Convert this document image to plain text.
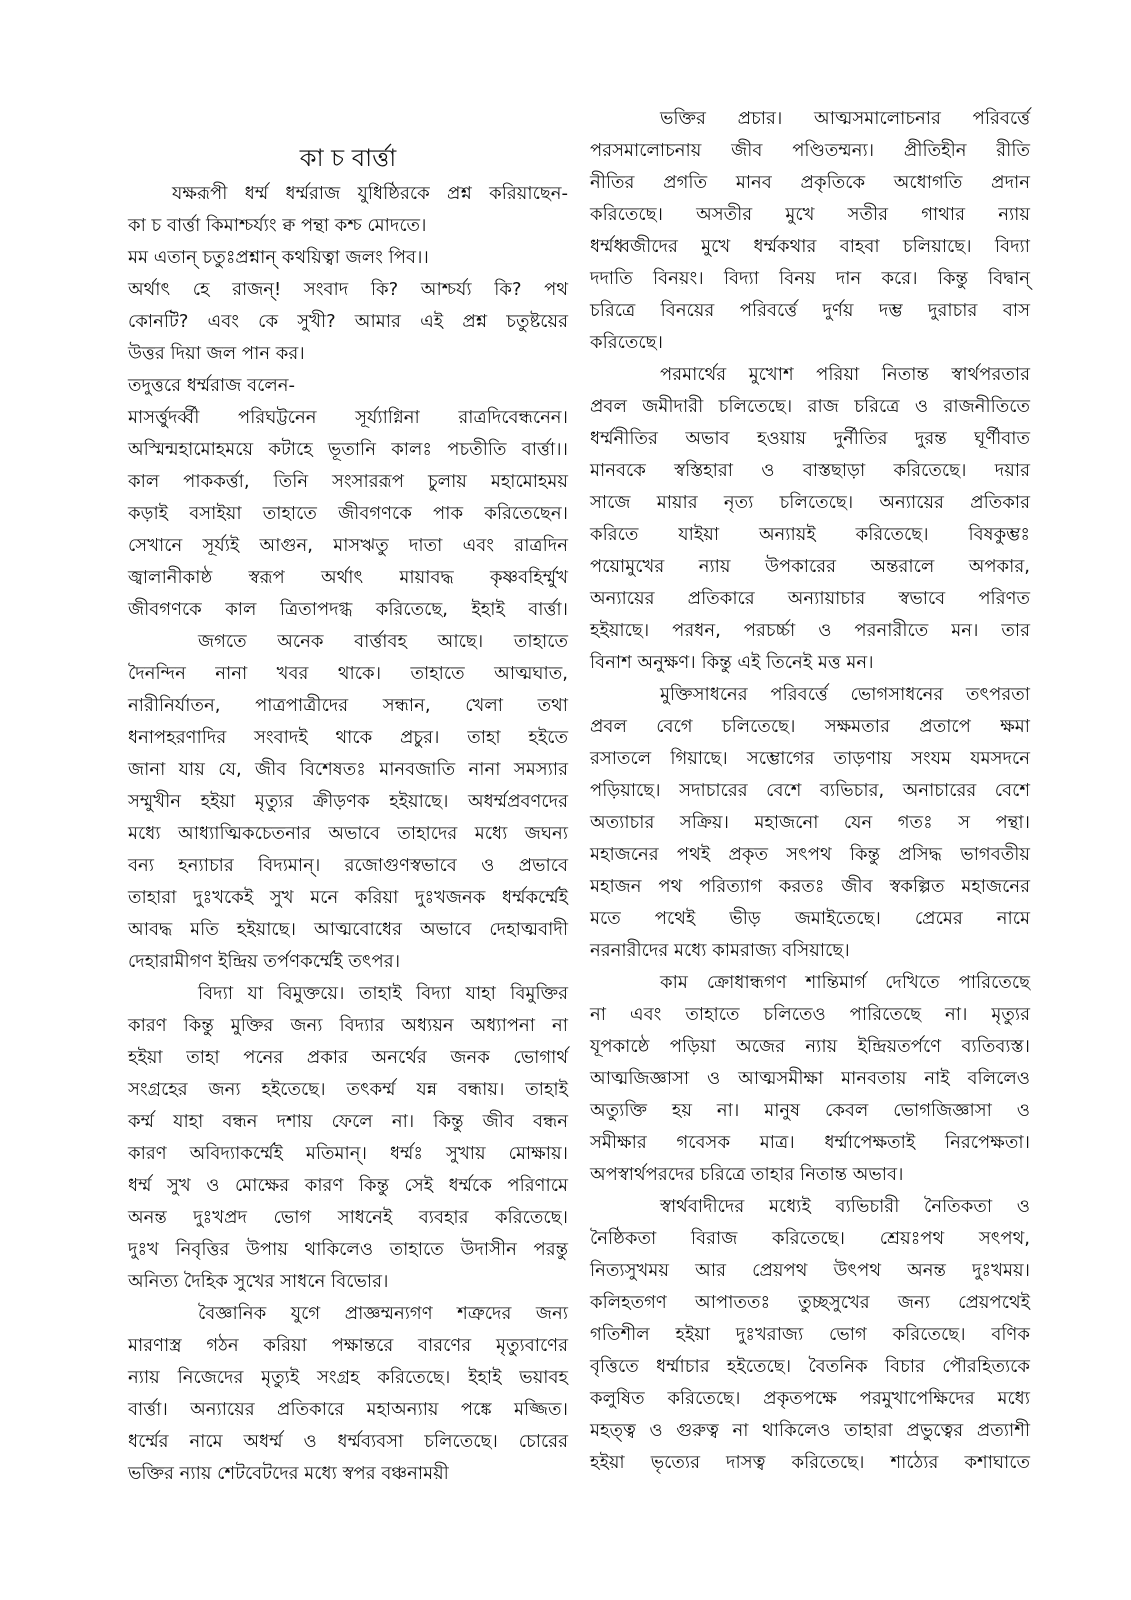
কা চ বার্ত্তা
যক্ষরূপী ধর্ম্ম ধর্ম্মরাজ যুধিষ্ঠিরকে প্রশ্ন করিয়াছেন-
কা চ বার্ত্তা কিমাশ্চর্য্যং ক্ব পন্থা কশ্চ মোদতে।
মম এতান্ চতুঃপ্রশ্নান্ কথয়িত্বা জলং পিব।।
অর্থাৎ হে রাজন্! সংবাদ কি? আশ্চর্য্য কি? পথ
কোনটি? এবং কে সুখী? আমার এই প্রশ্ন চতুষ্টয়ের
উত্তর দিয়া জল পান কর।
তদুত্তরে ধর্ম্মরাজ বলেন-
মাসর্ত্তুদর্ব্বী পরিঘট্টনেন সূর্য্যাগ্নিনা রাত্রদিবেন্ধনেন।
অস্মিন্মহামোহময়ে কটাহে ভূতানি কালঃ পচতীতি বার্ত্তা।।
কাল পাককর্ত্তা, তিনি সংসাররূপ চুলায় মহামোহময়
কড়াই বসাইয়া তাহাতে জীবগণকে পাক করিতেছেন।
সেখানে সূর্য্যই আগুন, মাসঋতু দাতা এবং রাত্রদিন
জ্বালানীকাষ্ঠ স্বরূপ অর্থাৎ মায়াবদ্ধ কৃষ্ণবহির্ম্মুখ
জীবগণকে কাল ত্রিতাপদগ্ধ করিতেছে, ইহাই বার্ত্তা।
জগতে অনেক বার্ত্তাবহ আছে। তাহাতে
দৈনন্দিন নানা খবর থাকে। তাহাতে আত্মঘাত,
নারীনির্যাতন, পাত্রপাত্রীদের সন্ধান, খেলা তথা
ধনাপহরণাদির সংবাদই থাকে প্রচুর। তাহা হইতে
জানা যায় যে, জীব বিশেষতঃ মানবজাতি নানা সমস্যার
সম্মুখীন হইয়া মৃত্যুর ক্রীড়ণক হইয়াছে। অধর্ম্মপ্রবণদের
মধ্যে আধ্যাত্মিকচেতনার অভাবে তাহাদের মধ্যে জঘন্য
বন্য হন্যাচার বিদ্যমান্। রজোগুণস্বভাবে ও প্রভাবে
তাহারা দুঃখকেই সুখ মনে করিয়া দুঃখজনক ধর্ম্মকর্ম্মেই
আবদ্ধ মতি হইয়াছে। আত্মবোধের অভাবে দেহাত্মবাদী
দেহারামীগণ ইন্দ্রিয় তর্পণকর্ম্মেই তৎপর।
বিদ্যা যা বিমুক্তয়ে। তাহাই বিদ্যা যাহা বিমুক্তির
কারণ কিন্তু মুক্তির জন্য বিদ্যার অধ্যয়ন অধ্যাপনা না
হইয়া তাহা পনের প্রকার অনর্থের জনক ভোগার্থ
সংগ্রহের জন্য হইতেছে। তৎকর্ম্ম যন্ন বন্ধায়। তাহাই
কর্ম্ম যাহা বন্ধন দশায় ফেলে না। কিন্তু জীব বন্ধন
কারণ অবিদ্যাকর্ম্মেই মতিমান্। ধর্ম্মঃ সুখায় মোক্ষায়।
ধর্ম্ম সুখ ও মোক্ষের কারণ কিন্তু সেই ধর্ম্মকে পরিণামে
অনন্ত দুঃখপ্রদ ভোগ সাধনেই ব্যবহার করিতেছে।
দুঃখ নিবৃত্তির উপায় থাকিলেও তাহাতে উদাসীন পরন্তু
অনিত্য দৈহিক সুখের সাধনে বিভোর।
বৈজ্ঞানিক যুগে প্রাজ্ঞম্মন্যগণ শত্রুদের জন্য
মারণাস্ত্র গঠন করিয়া পক্ষান্তরে বারণের মৃত্যুবাণের
ন্যায় নিজেদের মৃত্যুই সংগ্রহ করিতেছে। ইহাই ভয়াবহ
বার্ত্তা। অন্যায়ের প্রতিকারে মহাঅন্যায় পঙ্কে মজ্জিত।
ধর্ম্মের নামে অধর্ম্ম ও ধর্ম্মব্যবসা চলিতেছে। চোরের
ভক্তির ন্যায় শেটবেটদের মধ্যে স্বপর বঞ্চনাময়ী
ভক্তির প্রচার। আত্মসমালোচনার পরিবর্ত্তে
পরসমালোচনায় জীব পণ্ডিতম্মন্য। প্রীতিহীন রীতি
নীতির প্রগতি মানব প্রকৃতিকে অধোগতি প্রদান
করিতেছে। অসতীর মুখে সতীর গাথার ন্যায়
ধর্ম্মধ্বজীদের মুখে ধর্ম্মকথার বাহবা চলিয়াছে। বিদ্যা
দদাতি বিনয়ং। বিদ্যা বিনয় দান করে। কিন্তু বিদ্বান্
চরিত্রে বিনয়ের পরিবর্ত্তে দুর্ণয় দম্ভ দুরাচার বাস
করিতেছে।
পরমার্থের মুখোশ পরিয়া নিতান্ত স্বার্থপরতার
প্রবল জমীদারী চলিতেছে। রাজ চরিত্রে ও রাজনীতিতে
ধর্ম্মনীতির অভাব হওয়ায় দুর্নীতির দুরন্ত ঘূর্ণীবাত
মানবকে স্বস্তিহারা ও বাস্তছাড়া করিতেছে। দয়ার
সাজে মায়ার নৃত্য চলিতেছে। অন্যায়ের প্রতিকার
করিতে যাইয়া অন্যায়ই করিতেছে। বিষকুম্ভঃ
পয়োমুখের ন্যায় উপকারের অন্তরালে অপকার,
অন্যায়ের প্রতিকারে অন্যায়াচার স্বভাবে পরিণত
হইয়াছে। পরধন, পরচর্চ্চা ও পরনারীতে মন। তার
বিনাশ অনুক্ষণ। কিন্তু এই তিনেই মত্ত মন।
মুক্তিসাধনের পরিবর্ত্তে ভোগসাধনের তৎপরতা
প্রবল বেগে চলিতেছে। সক্ষমতার প্রতাপে ক্ষমা
রসাতলে গিয়াছে। সম্ভোগের তাড়ণায় সংযম যমসদনে
পড়িয়াছে। সদাচারের বেশে ব্যভিচার, অনাচারের বেশে
অত্যাচার সক্রিয়। মহাজনো যেন গতঃ স পন্থা।
মহাজনের পথই প্রকৃত সৎপথ কিন্তু প্রসিদ্ধ ভাগবতীয়
মহাজন পথ পরিত্যাগ করতঃ জীব স্বকল্পিত মহাজনের
মতে পথেই ভীড় জমাইতেছে। প্রেমের নামে
নরনারীদের মধ্যে কামরাজ্য বসিয়াছে।
কাম ক্রোধান্ধগণ শান্তিমার্গ দেখিতে পারিতেছে
না এবং তাহাতে চলিতেও পারিতেছে না। মৃত্যুর
যূপকাষ্ঠে পড়িয়া অজের ন্যায় ইন্দ্রিয়তর্পণে ব্যতিব্যস্ত।
আত্মজিজ্ঞাসা ও আত্মসমীক্ষা মানবতায় নাই বলিলেও
অত্যুক্তি হয় না। মানুষ কেবল ভোগজিজ্ঞাসা ও
সমীক্ষার গবেসক মাত্র। ধর্ম্মাপেক্ষতাই নিরপেক্ষতা।
অপস্বার্থপরদের চরিত্রে তাহার নিতান্ত অভাব।
স্বার্থবাদীদের মধ্যেই ব্যভিচারী নৈতিকতা ও
নৈষ্ঠিকতা বিরাজ করিতেছে। শ্রেয়ঃপথ সৎপথ,
নিত্যসুখময় আর প্রেয়পথ উৎপথ অনন্ত দুঃখময়।
কলিহতগণ আপাততঃ তুচ্ছসুখের জন্য প্রেয়পথেই
গতিশীল হইয়া দুঃখরাজ্য ভোগ করিতেছে। বণিক
বৃত্তিতে ধর্ম্মাচার হইতেছে। বৈতনিক বিচার পৌরহিত্যকে
কলুষিত করিতেছে। প্রকৃতপক্ষে পরমুখাপেক্ষিদের মধ্যে
মহত্ত্ব ও গুরুত্ব না থাকিলেও তাহারা প্রভুত্বের প্রত্যাশী
হইয়া ভৃত্যের দাসত্ব করিতেছে। শাঠ্যের কশাঘাতে
